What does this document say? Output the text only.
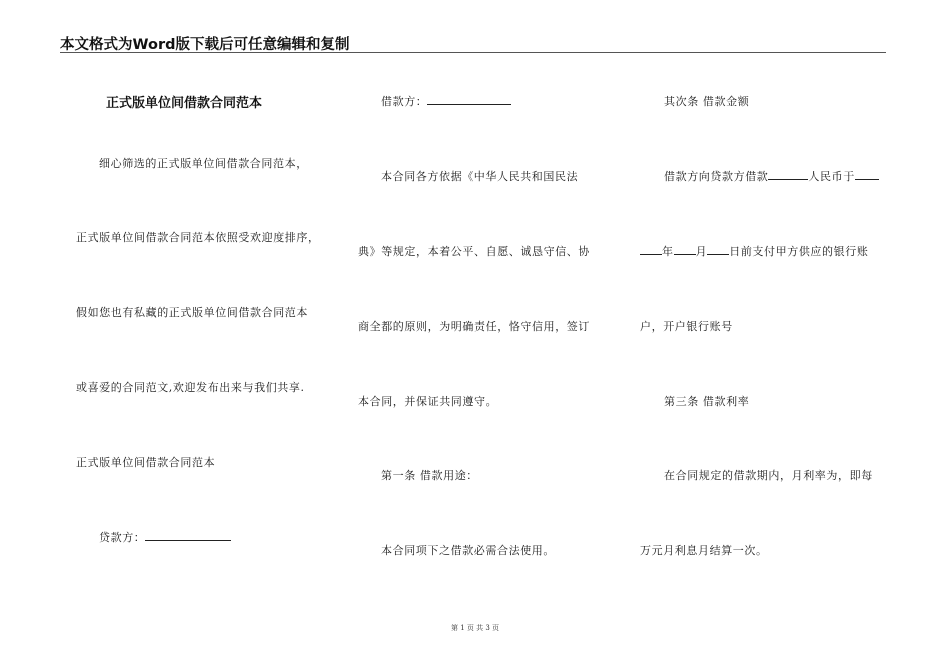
本文格式为Word版下载后可任意编辑和复制
正式版单位间借款合同范本
细心筛选的正式版单位间借款合同范本，
正式版单位间借款合同范本依照受欢迎度排序，
假如您也有私藏的正式版单位间借款合同范本
或喜爱的合同范文,欢迎发布出来与我们共享.
正式版单位间借款合同范本
贷款方：
借款方：
本合同各方依据《中华人民共和国民法
典》等规定，本着公平、自愿、诚恳守信、协
商全都的原则，为明确责任，恪守信用，签订
本合同，并保证共同遵守。
第一条 借款用途：
本合同项下之借款必需合法使用。
其次条 借款金额
借款方向贷款方借款	人民币于
年 月 日前支付甲方供应的银行账
户，开户银行账号
第三条 借款利率
在合同规定的借款期内，月利率为，即每
万元月利息月结算一次。
第 1 页 共 3 页
